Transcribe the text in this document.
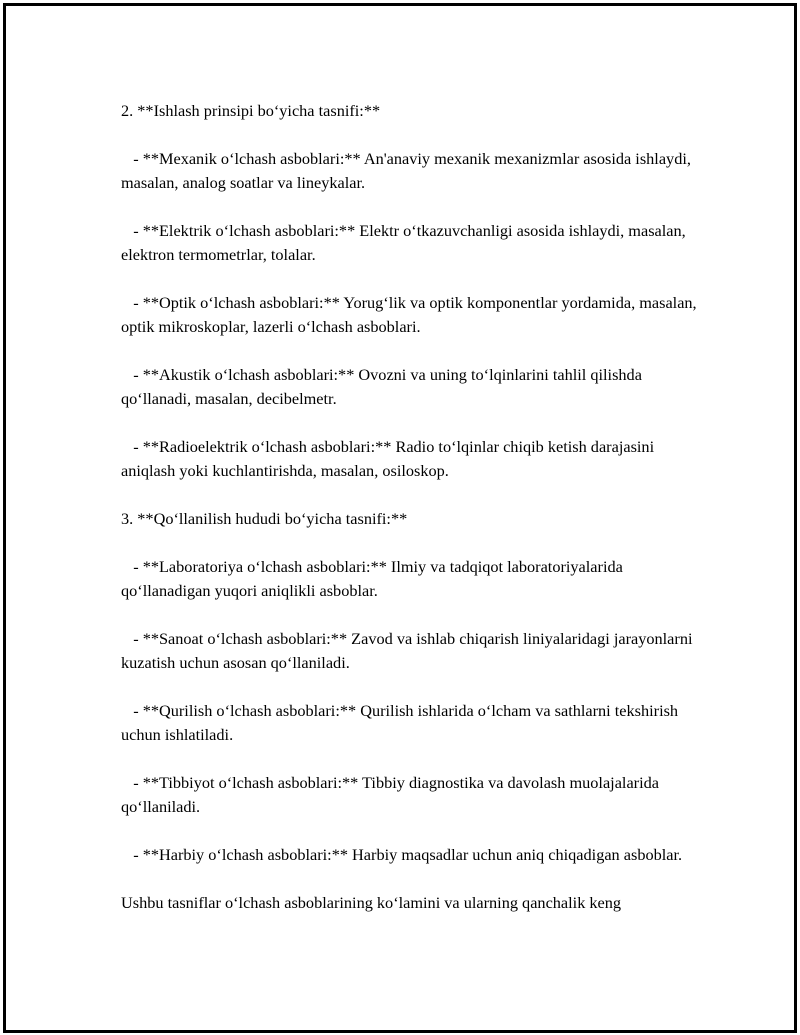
2. **Ishlash prinsipi bo‘yicha tasnifi:**

- **Mexanik o‘lchash asboblari:** An'anaviy mexanik mexanizmlar asosida ishlaydi, masalan, analog soatlar va lineykalar.

- **Elektrik o‘lchash asboblari:** Elektr o‘tkazuvchanligi asosida ishlaydi, masalan, elektron termometrlar, tolalar.

- **Optik o‘lchash asboblari:** Yorug‘lik va optik komponentlar yordamida, masalan, optik mikroskoplar, lazerli o‘lchash asboblari.

- **Akustik o‘lchash asboblari:** Ovozni va uning to‘lqinlarini tahlil qilishda qo‘llanadi, masalan, decibelmetr.

- **Radioelektrik o‘lchash asboblari:** Radio to‘lqinlar chiqib ketish darajasini aniqlash yoki kuchlantirishda, masalan, osiloskop.

3. **Qo‘llanilish hududi bo‘yicha tasnifi:**

- **Laboratoriya o‘lchash asboblari:** Ilmiy va tadqiqot laboratoriyalarida qo‘llanadigan yuqori aniqlikli asboblar.

- **Sanoat o‘lchash asboblari:** Zavod va ishlab chiqarish liniyalaridagi jarayonlarni kuzatish uchun asosan qo‘llaniladi.

- **Qurilish o‘lchash asboblari:** Qurilish ishlarida o‘lcham va sathlarni tekshirish uchun ishlatiladi.

- **Tibbiyot o‘lchash asboblari:** Tibbiy diagnostika va davolash muolajalarida qo‘llaniladi.

- **Harbiy o‘lchash asboblari:** Harbiy maqsadlar uchun aniq chiqadigan asboblar.

Ushbu tasniflar o‘lchash asboblarining ko‘lamini va ularning qanchalik keng
